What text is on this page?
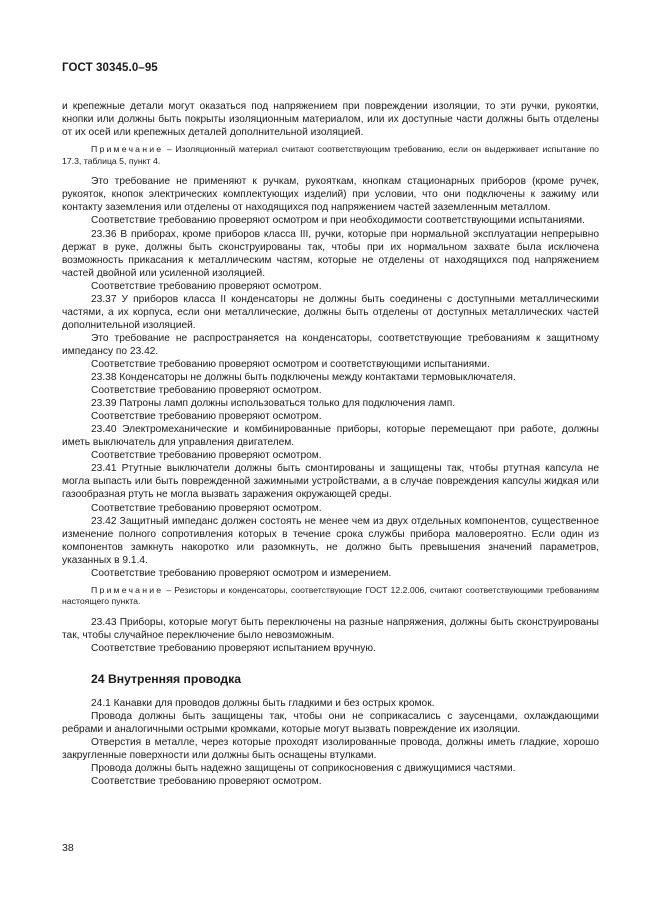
ГОСТ 30345.0–95

и крепежные детали могут оказаться под напряжением при повреждении изоляции, то эти ручки, рукоятки, кнопки или должны быть покрыты изоляционным материалом, или их доступные части должны быть отделены от их осей или крепежных деталей дополнительной изоляцией.

Примечание – Изоляционный материал считают соответствующим требованию, если он выдерживает испытание по 17.3, таблица 5, пункт 4.

Это требование не применяют к ручкам, рукояткам, кнопкам стационарных приборов (кроме ручек, рукояток, кнопок электрических комплектующих изделий) при условии, что они подключены к зажиму или контакту заземления или отделены от находящихся под напряжением частей заземленным металлом.

Соответствие требованию проверяют осмотром и при необходимости соответствующими испытаниями.

23.36 В приборах, кроме приборов класса III, ручки, которые при нормальной эксплуатации непрерывно держат в руке, должны быть сконструированы так, чтобы при их нормальном захвате была исключена возможность прикасания к металлическим частям, которые не отделены от находящихся под напряжением частей двойной или усиленной изоляцией.

Соответствие требованию проверяют осмотром.

23.37 У приборов класса II конденсаторы не должны быть соединены с доступными металлическими частями, а их корпуса, если они металлические, должны быть отделены от доступных металлических частей дополнительной изоляцией.

Это требование не распространяется на конденсаторы, соответствующие требованиям к защитному импедансу по 23.42.

Соответствие требованию проверяют осмотром и соответствующими испытаниями.

23.38 Конденсаторы не должны быть подключены между контактами термовыключателя.

Соответствие требованию проверяют осмотром.

23.39 Патроны ламп должны использоваться только для подключения ламп.

Соответствие требованию проверяют осмотром.

23.40 Электромеханические и комбинированные приборы, которые перемещают при работе, должны иметь выключатель для управления двигателем.

Соответствие требованию проверяют осмотром.

23.41 Ртутные выключатели должны быть смонтированы и защищены так, чтобы ртутная капсула не могла выпасть или быть поврежденной зажимными устройствами, а в случае повреждения капсулы жидкая или газообразная ртуть не могла вызвать заражения окружающей среды.

Соответствие требованию проверяют осмотром.

23.42 Защитный импеданс должен состоять не менее чем из двух отдельных компонентов, существенное изменение полного сопротивления которых в течение срока службы прибора маловероятно. Если один из компонентов замкнуть накоротко или разомкнуть, не должно быть превышения значений параметров, указанных в 9.1.4.

Соответствие требованию проверяют осмотром и измерением.

Примечание – Резисторы и конденсаторы, соответствующие ГОСТ 12.2.006, считают соответствующими требованиям настоящего пункта.

23.43 Приборы, которые могут быть переключены на разные напряжения, должны быть сконструированы так, чтобы случайное переключение было невозможным.

Соответствие требованию проверяют испытанием вручную.

24 Внутренняя проводка

24.1 Канавки для проводов должны быть гладкими и без острых кромок.

Провода должны быть защищены так, чтобы они не соприкасались с заусенцами, охлаждающими ребрами и аналогичными острыми кромками, которые могут вызвать повреждение их изоляции.

Отверстия в металле, через которые проходят изолированные провода, должны иметь гладкие, хорошо закругленные поверхности или должны быть оснащены втулками.

Провода должны быть надежно защищены от соприкосновения с движущимися частями.

Соответствие требованию проверяют осмотром.

38
